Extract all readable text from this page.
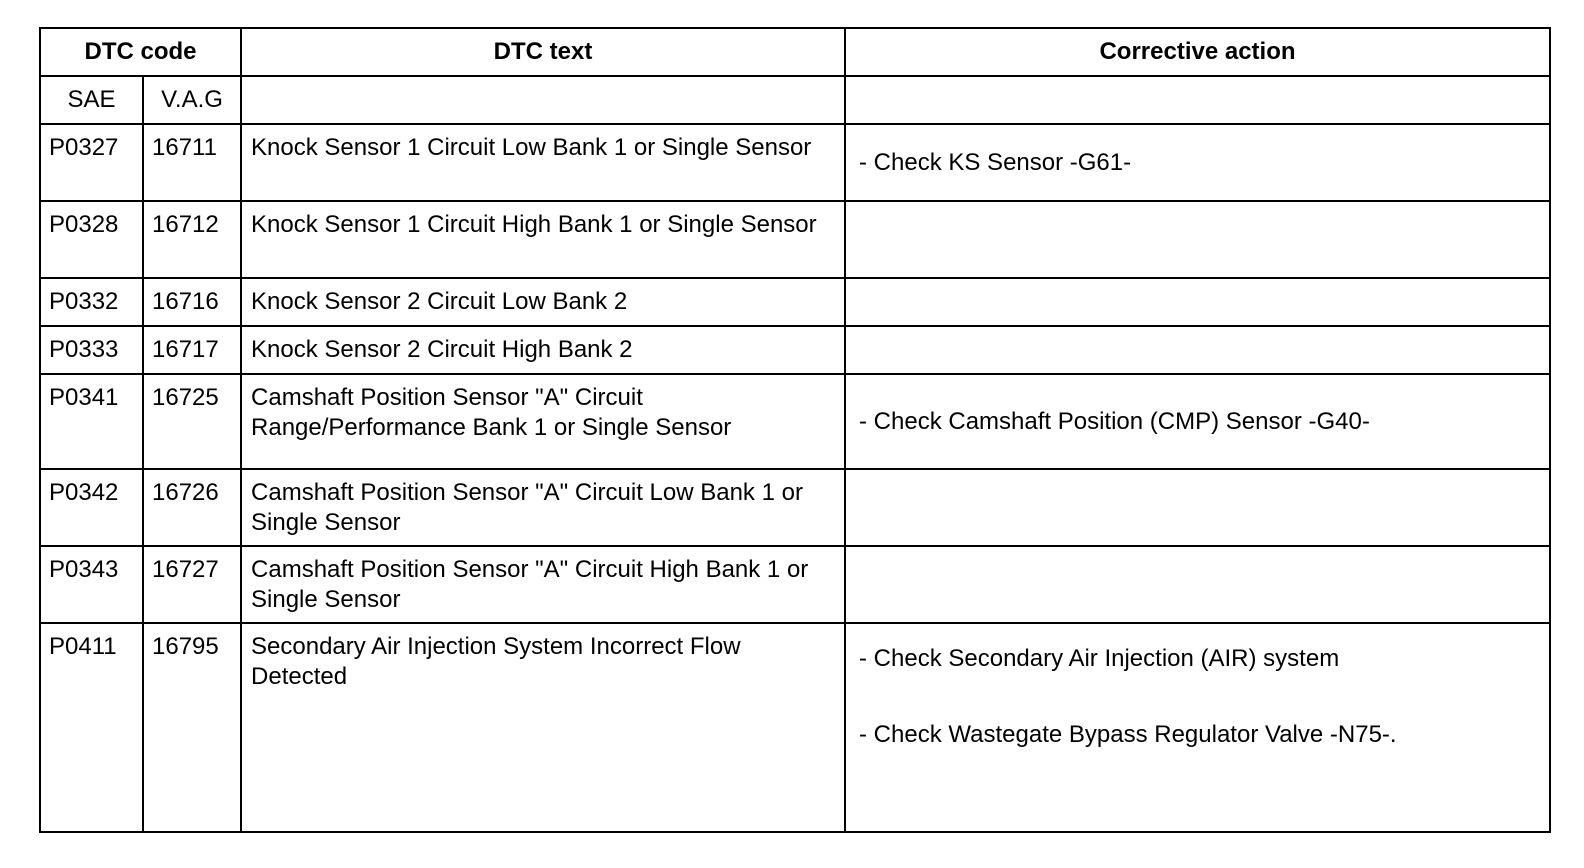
DTC code		DTC text	Corrective action
SAE	V.A.G		
P0327	16711	Knock Sensor 1 Circuit Low Bank 1 or Single Sensor	- Check KS Sensor -G61-

P0328	16712	Knock Sensor 1 Circuit High Bank 1 or Single Sensor	
P0332	16716	Knock Sensor 2 Circuit Low Bank 2	
P0333	16717	Knock Sensor 2 Circuit High Bank 2	
P0341	16725	Camshaft Position Sensor "A" Circuit Range/Performance Bank 1 or Single Sensor	- Check Camshaft Position (CMP) Sensor -G40-

P0342	16726	Camshaft Position Sensor "A" Circuit Low Bank 1 or Single Sensor	
P0343	16727	Camshaft Position Sensor "A" Circuit High Bank 1 or Single Sensor	
P0411	16795	Secondary Air Injection System Incorrect Flow Detected	- Check Secondary Air Injection (AIR) system
- Check Wastegate Bypass Regulator Valve -N75-.
